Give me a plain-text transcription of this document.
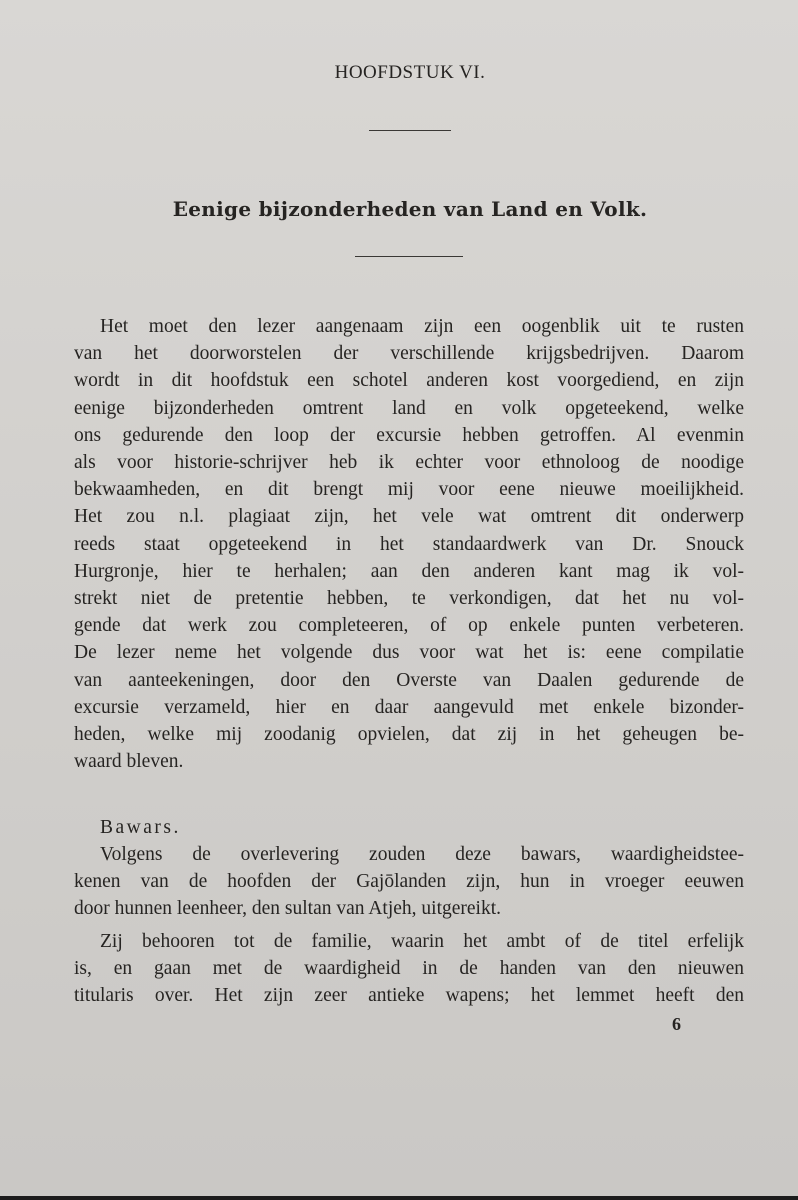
HOOFDSTUK VI.
Eenige bijzonderheden van Land en Volk.
Het moet den lezer aangenaam zijn een oogenblik uit te rusten
van het doorworstelen der verschillende krijgsbedrijven. Daarom
wordt in dit hoofdstuk een schotel anderen kost voorgediend, en zijn
eenige bijzonderheden omtrent land en volk opgeteekend, welke
ons gedurende den loop der excursie hebben getroffen. Al evenmin
als voor historie-schrijver heb ik echter voor ethnoloog de noodige
bekwaamheden, en dit brengt mij voor eene nieuwe moeilijkheid.
Het zou n.l. plagiaat zijn, het vele wat omtrent dit onderwerp
reeds staat opgeteekend in het standaardwerk van Dr. Snouck
Hurgronje, hier te herhalen; aan den anderen kant mag ik vol-
strekt niet de pretentie hebben, te verkondigen, dat het nu vol-
gende dat werk zou completeeren, of op enkele punten verbeteren.
De lezer neme het volgende dus voor wat het is: eene compilatie
van aanteekeningen, door den Overste van Daalen gedurende de
excursie verzameld, hier en daar aangevuld met enkele bizonder-
heden, welke mij zoodanig opvielen, dat zij in het geheugen be-
waard bleven.
Bawars.
Volgens de overlevering zouden deze bawars, waardigheidstee-
kenen van de hoofden der Gajōlanden zijn, hun in vroeger eeuwen
door hunnen leenheer, den sultan van Atjeh, uitgereikt.
Zij behooren tot de familie, waarin het ambt of de titel erfelijk
is, en gaan met de waardigheid in de handen van den nieuwen
titularis over. Het zijn zeer antieke wapens; het lemmet heeft den
6
